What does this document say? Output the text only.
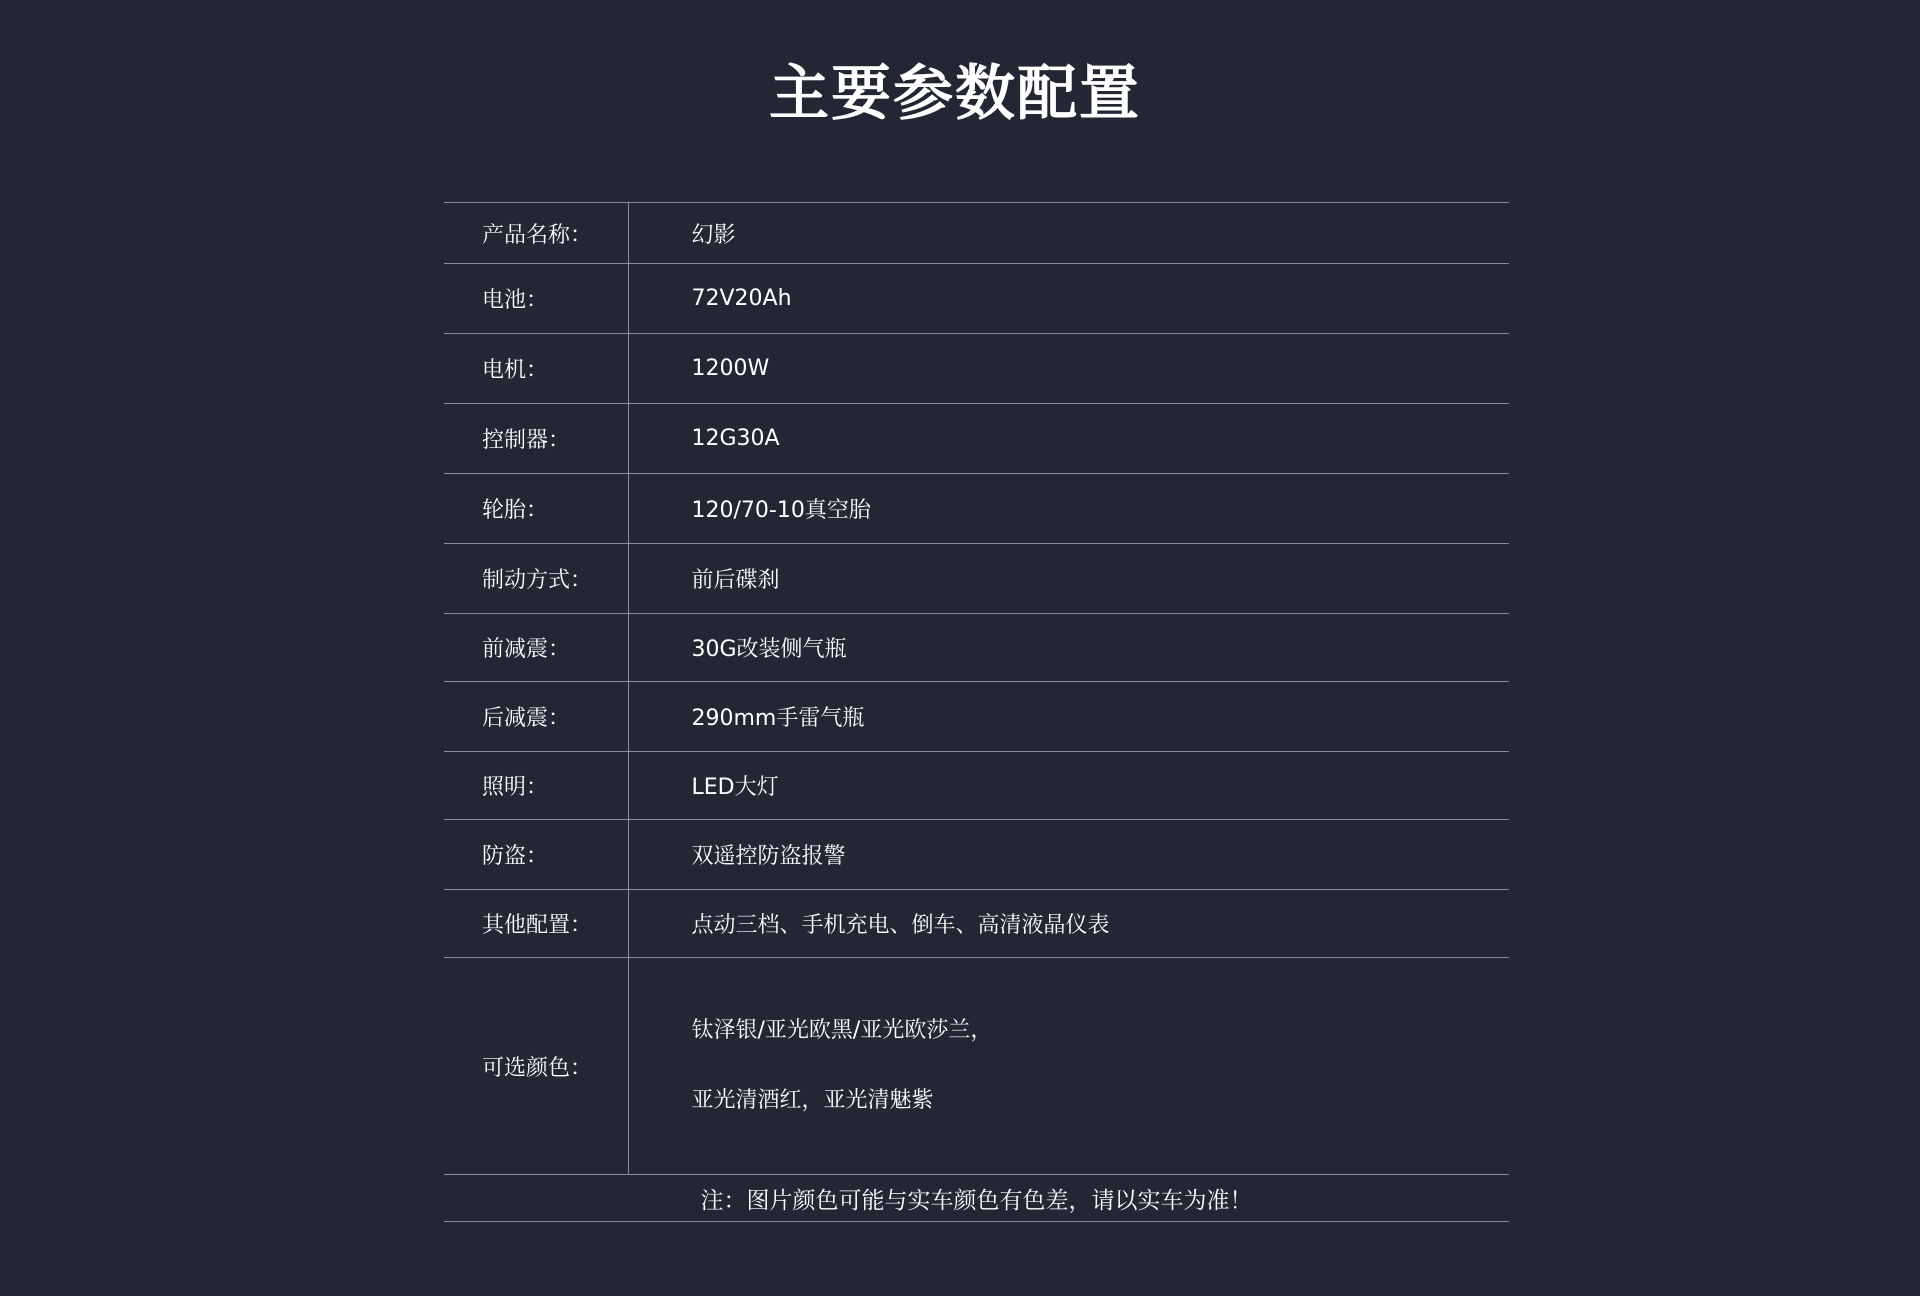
主要参数配置
产品名称：	幻影
电池：	72V20Ah
电机：	1200W
控制器：	12G30A
轮胎：	120/70-10真空胎
制动方式：	前后碟刹
前减震：	30G改装侧气瓶
后减震：	290mm手雷气瓶
照明：	LED大灯
防盗：	双遥控防盗报警
其他配置：	点动三档、手机充电、倒车、高清液晶仪表
可选颜色：	钛泽银/亚光欧黑/亚光欧莎兰，
亚光清酒红，亚光清魅紫

注：图片颜色可能与实车颜色有色差，请以实车为准！	
